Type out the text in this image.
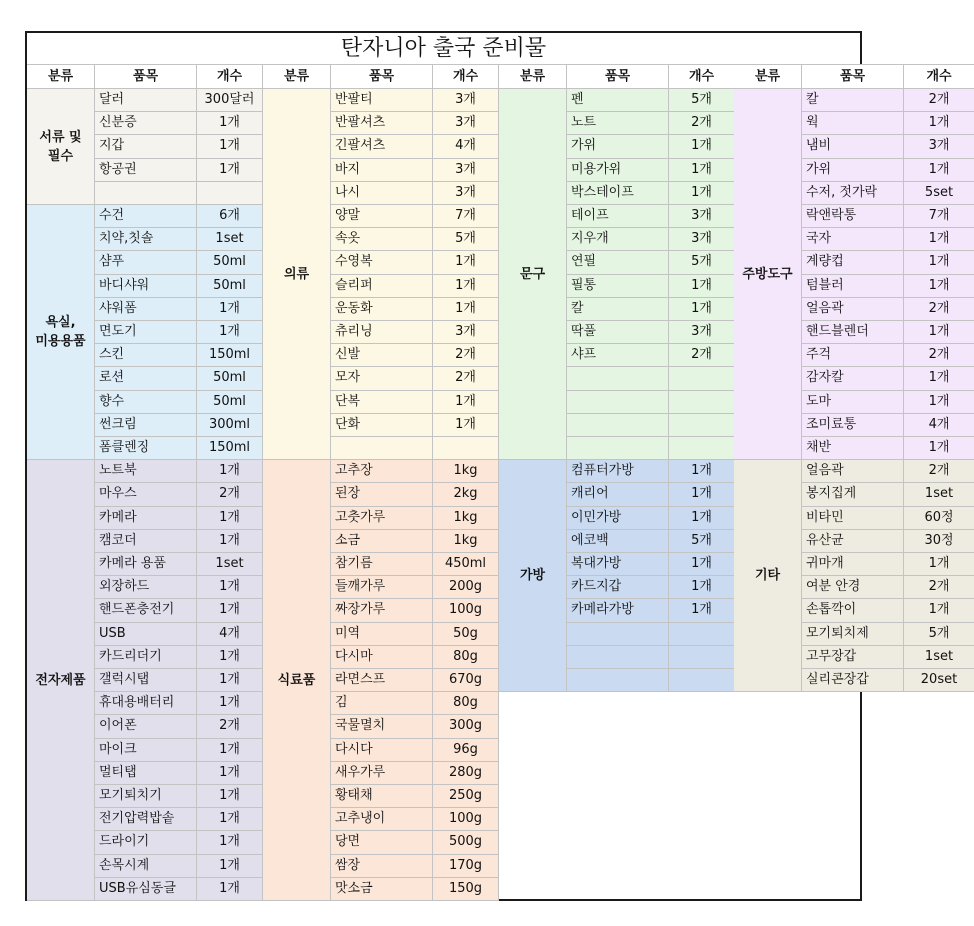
탄자니아 출국 준비물
분류	품목	개수
서류 및
필수
달러	300달러
신분증	1개
지갑	1개
항공권	1개
욕실,
미용용품
수건	6개
치약,칫솔	1set
샴푸	50ml
바디샤워	50ml
샤워폼	1개
면도기	1개
스킨	150ml
로션	50ml
향수	50ml
썬크림	300ml
폼클렌징	150ml
전자제품
노트북	1개
마우스	2개
카메라	1개
캠코더	1개
카메라 용품	1set
외장하드	1개
핸드폰충전기	1개
USB	4개
카드리더기	1개
갤럭시탭	1개
휴대용배터리	1개
이어폰	2개
마이크	1개
멀티탭	1개
모기퇴치기	1개
전기압력밥솥	1개
드라이기	1개
손목시계	1개
USB유심동글	1개
분류	품목	개수
의류
반팔티	3개
반팔셔츠	3개
긴팔셔츠	4개
바지	3개
나시	3개
양말	7개
속옷	5개
수영복	1개
슬리퍼	1개
운동화	1개
츄리닝	3개
신발	2개
모자	2개
단복	1개
단화	1개
식료품
고추장	1kg
된장	2kg
고춧가루	1kg
소금	1kg
참기름	450ml
들깨가루	200g
짜장가루	100g
미역	50g
다시마	80g
라면스프	670g
김	80g
국물멸치	300g
다시다	96g
새우가루	280g
황태채	250g
고추냉이	100g
당면	500g
쌈장	170g
맛소금	150g
분류	품목	개수
문구
펜	5개
노트	2개
가위	1개
미용가위	1개
박스테이프	1개
테이프	3개
지우개	3개
연필	5개
필통	1개
칼	1개
딱풀	3개
샤프	2개
가방
컴퓨터가방	1개
캐리어	1개
이민가방	1개
에코백	5개
복대가방	1개
카드지갑	1개
카메라가방	1개
분류	품목	개수
주방도구
칼	2개
웍	1개
냄비	3개
가위	1개
수저, 젓가락	5set
락앤락통	7개
국자	1개
계량컵	1개
텀블러	1개
얼음곽	2개
핸드블렌더	1개
주걱	2개
감자칼	1개
도마	1개
조미료통	4개
채반	1개
기타
얼음곽	2개
봉지집게	1set
비타민	60정
유산균	30정
귀마개	1개
여분 안경	2개
손톱깍이	1개
모기퇴치제	5개
고무장갑	1set
실리콘장갑	20set
